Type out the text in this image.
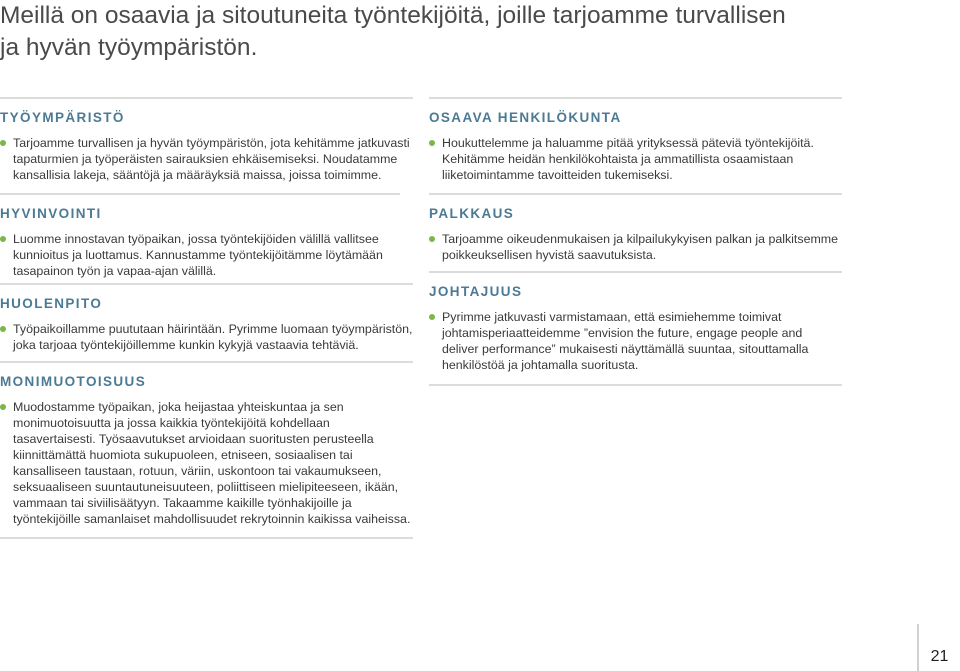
Meillä on osaavia ja sitoutuneita työntekijöitä, joille tarjoamme turvallisen ja hyvän työympäristön.
TYÖYMPÄRISTÖ
Tarjoamme turvallisen ja hyvän työympäristön, jota kehitämme jatkuvasti tapaturmien ja työperäisten sairauksien ehkäisemiseksi. Noudatamme kansallisia lakeja, sääntöjä ja määräyksiä maissa, joissa toimimme.
HYVINVOINTI
Luomme innostavan työpaikan, jossa työntekijöiden välillä vallitsee kunnioitus ja luottamus. Kannustamme työntekijöitämme löytämään tasapainon työn ja vapaa-ajan välillä.
HUOLENPITO
Työpaikoillamme puututaan häirintään. Pyrimme luomaan työympäristön, joka tarjoaa työntekijöillemme kunkin kykyjä vastaavia tehtäviä.
MONIMUOTOISUUS
Muodostamme työpaikan, joka heijastaa yhteiskuntaa ja sen monimuotoisuutta ja jossa kaikkia työntekijöitä kohdellaan tasavertaisesti. Työsaavutukset arvioidaan suoritusten perusteella kiinnittämättä huomiota sukupuoleen, etniseen, sosiaalisen tai kansalliseen taustaan, rotuun, väriin, uskontoon tai vakaumukseen, seksuaaliseen suuntautuneisuuteen, poliittiseen mielipiteeseen, ikään, vammaan tai siviilisäätyyn. Takaamme kaikille työnhakijoille ja työntekijöille samanlaiset mahdollisuudet rekrytoinnin kaikissa vaiheissa.
OSAAVA HENKILÖKUNTA
Houkuttelemme ja haluamme pitää yrityksessä päteviä työntekijöitä. Kehitämme heidän henkilökohtaista ja ammatillista osaamistaan liiketoimintamme tavoitteiden tukemiseksi.
PALKKAUS
Tarjoamme oikeudenmukaisen ja kilpailukykyisen palkan ja palkitsemme poikkeuksellisen hyvistä saavutuksista.
JOHTAJUUS
Pyrimme jatkuvasti varmistamaan, että esimiehemme toimivat johtamisperiaatteidemme ”envision the future, engage people and deliver performance” mukaisesti näyttämällä suuntaa, sitouttamalla henkilöstöä ja johtamalla suoritusta.
21
